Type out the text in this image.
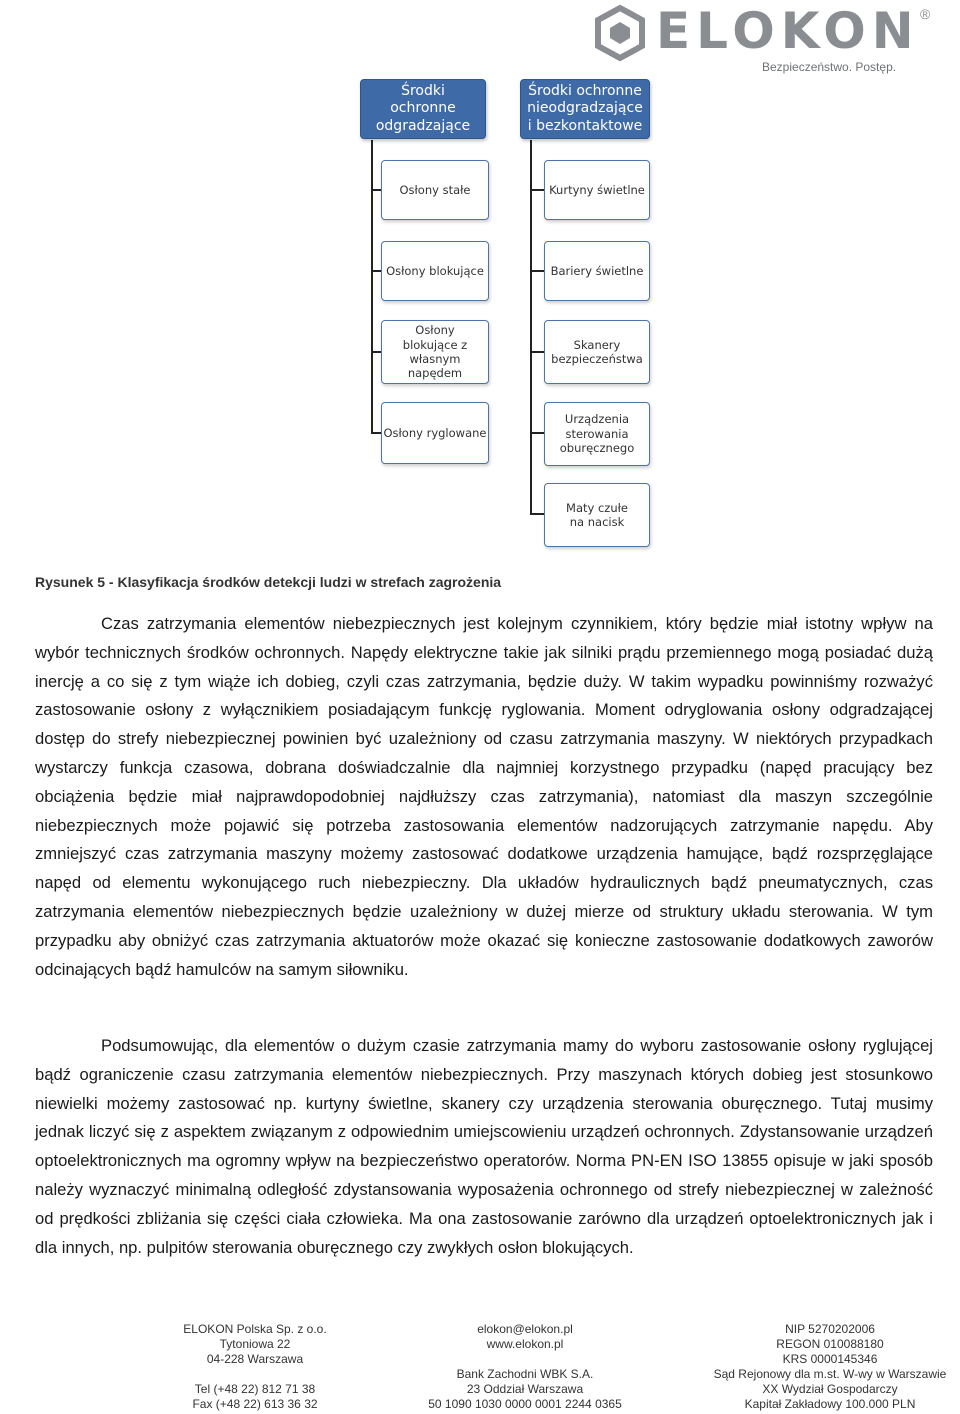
ELOKON ®
Bezpieczeństwo. Postęp.
Środki ochronne odgradzające
Środki ochronne nieodgradzające i bezkontaktowe
Osłony stałe
Osłony blokujące
Osłony blokujące z własnym napędem
Osłony ryglowane
Kurtyny świetlne
Bariery świetlne
Skanery bezpieczeństwa
Urządzenia sterowania oburęcznego
Maty czułe na nacisk
Rysunek 5 - Klasyfikacja środków detekcji ludzi w strefach zagrożenia
Czas zatrzymania elementów niebezpiecznych jest kolejnym czynnikiem, który będzie miał istotny wpływ na wybór technicznych środków ochronnych. Napędy elektryczne takie jak silniki prądu przemiennego mogą posiadać dużą inercję a co się z tym wiąże ich dobieg, czyli czas zatrzymania, będzie duży. W takim wypadku powinniśmy rozważyć zastosowanie osłony z wyłącznikiem posiadającym funkcję ryglowania. Moment odryglowania osłony odgradzającej dostęp do strefy niebezpiecznej powinien być uzależniony od czasu zatrzymania maszyny. W niektórych przypadkach wystarczy funkcja czasowa, dobrana doświadczalnie dla najmniej korzystnego przypadku (napęd pracujący bez obciążenia będzie miał najprawdopodobniej najdłuższy czas zatrzymania), natomiast dla maszyn szczególnie niebezpiecznych może pojawić się potrzeba zastosowania elementów nadzorujących zatrzymanie napędu. Aby zmniejszyć czas zatrzymania maszyny możemy zastosować dodatkowe urządzenia hamujące, bądź rozsprzęglające napęd od elementu wykonującego ruch niebezpieczny. Dla układów hydraulicznych bądź pneumatycznych, czas zatrzymania elementów niebezpiecznych będzie uzależniony w dużej mierze od struktury układu sterowania. W tym przypadku aby obniżyć czas zatrzymania aktuatorów może okazać się konieczne zastosowanie dodatkowych zaworów odcinających bądź hamulców na samym siłowniku.
Podsumowując, dla elementów o dużym czasie zatrzymania mamy do wyboru zastosowanie osłony ryglującej bądź ograniczenie czasu zatrzymania elementów niebezpiecznych. Przy maszynach których dobieg jest stosunkowo niewielki możemy zastosować np. kurtyny świetlne, skanery czy urządzenia sterowania oburęcznego. Tutaj musimy jednak liczyć się z aspektem związanym z odpowiednim umiejscowieniu urządzeń ochronnych. Zdystansowanie urządzeń optoelektronicznych ma ogromny wpływ na bezpieczeństwo operatorów. Norma PN-EN ISO 13855 opisuje w jaki sposób należy wyznaczyć minimalną odległość zdystansowania wyposażenia ochronnego od strefy niebezpiecznej w zależność od prędkości zbliżania się części ciała człowieka. Ma ona zastosowanie zarówno dla urządzeń optoelektronicznych jak i dla innych, np. pulpitów sterowania oburęcznego czy zwykłych osłon blokujących.
ELOKON Polska Sp. z o.o.
Tytoniowa 22
04-228 Warszawa
Tel (+48 22) 812 71 38
Fax (+48 22) 613 36 32
elokon@elokon.pl
www.elokon.pl
Bank Zachodni WBK S.A.
23 Oddział Warszawa
50 1090 1030 0000 0001 2244 0365
NIP 5270202006
REGON 010088180
KRS 0000145346
Sąd Rejonowy dla m.st. W-wy w Warszawie
XX Wydział Gospodarczy
Kapitał Zakładowy 100.000 PLN
